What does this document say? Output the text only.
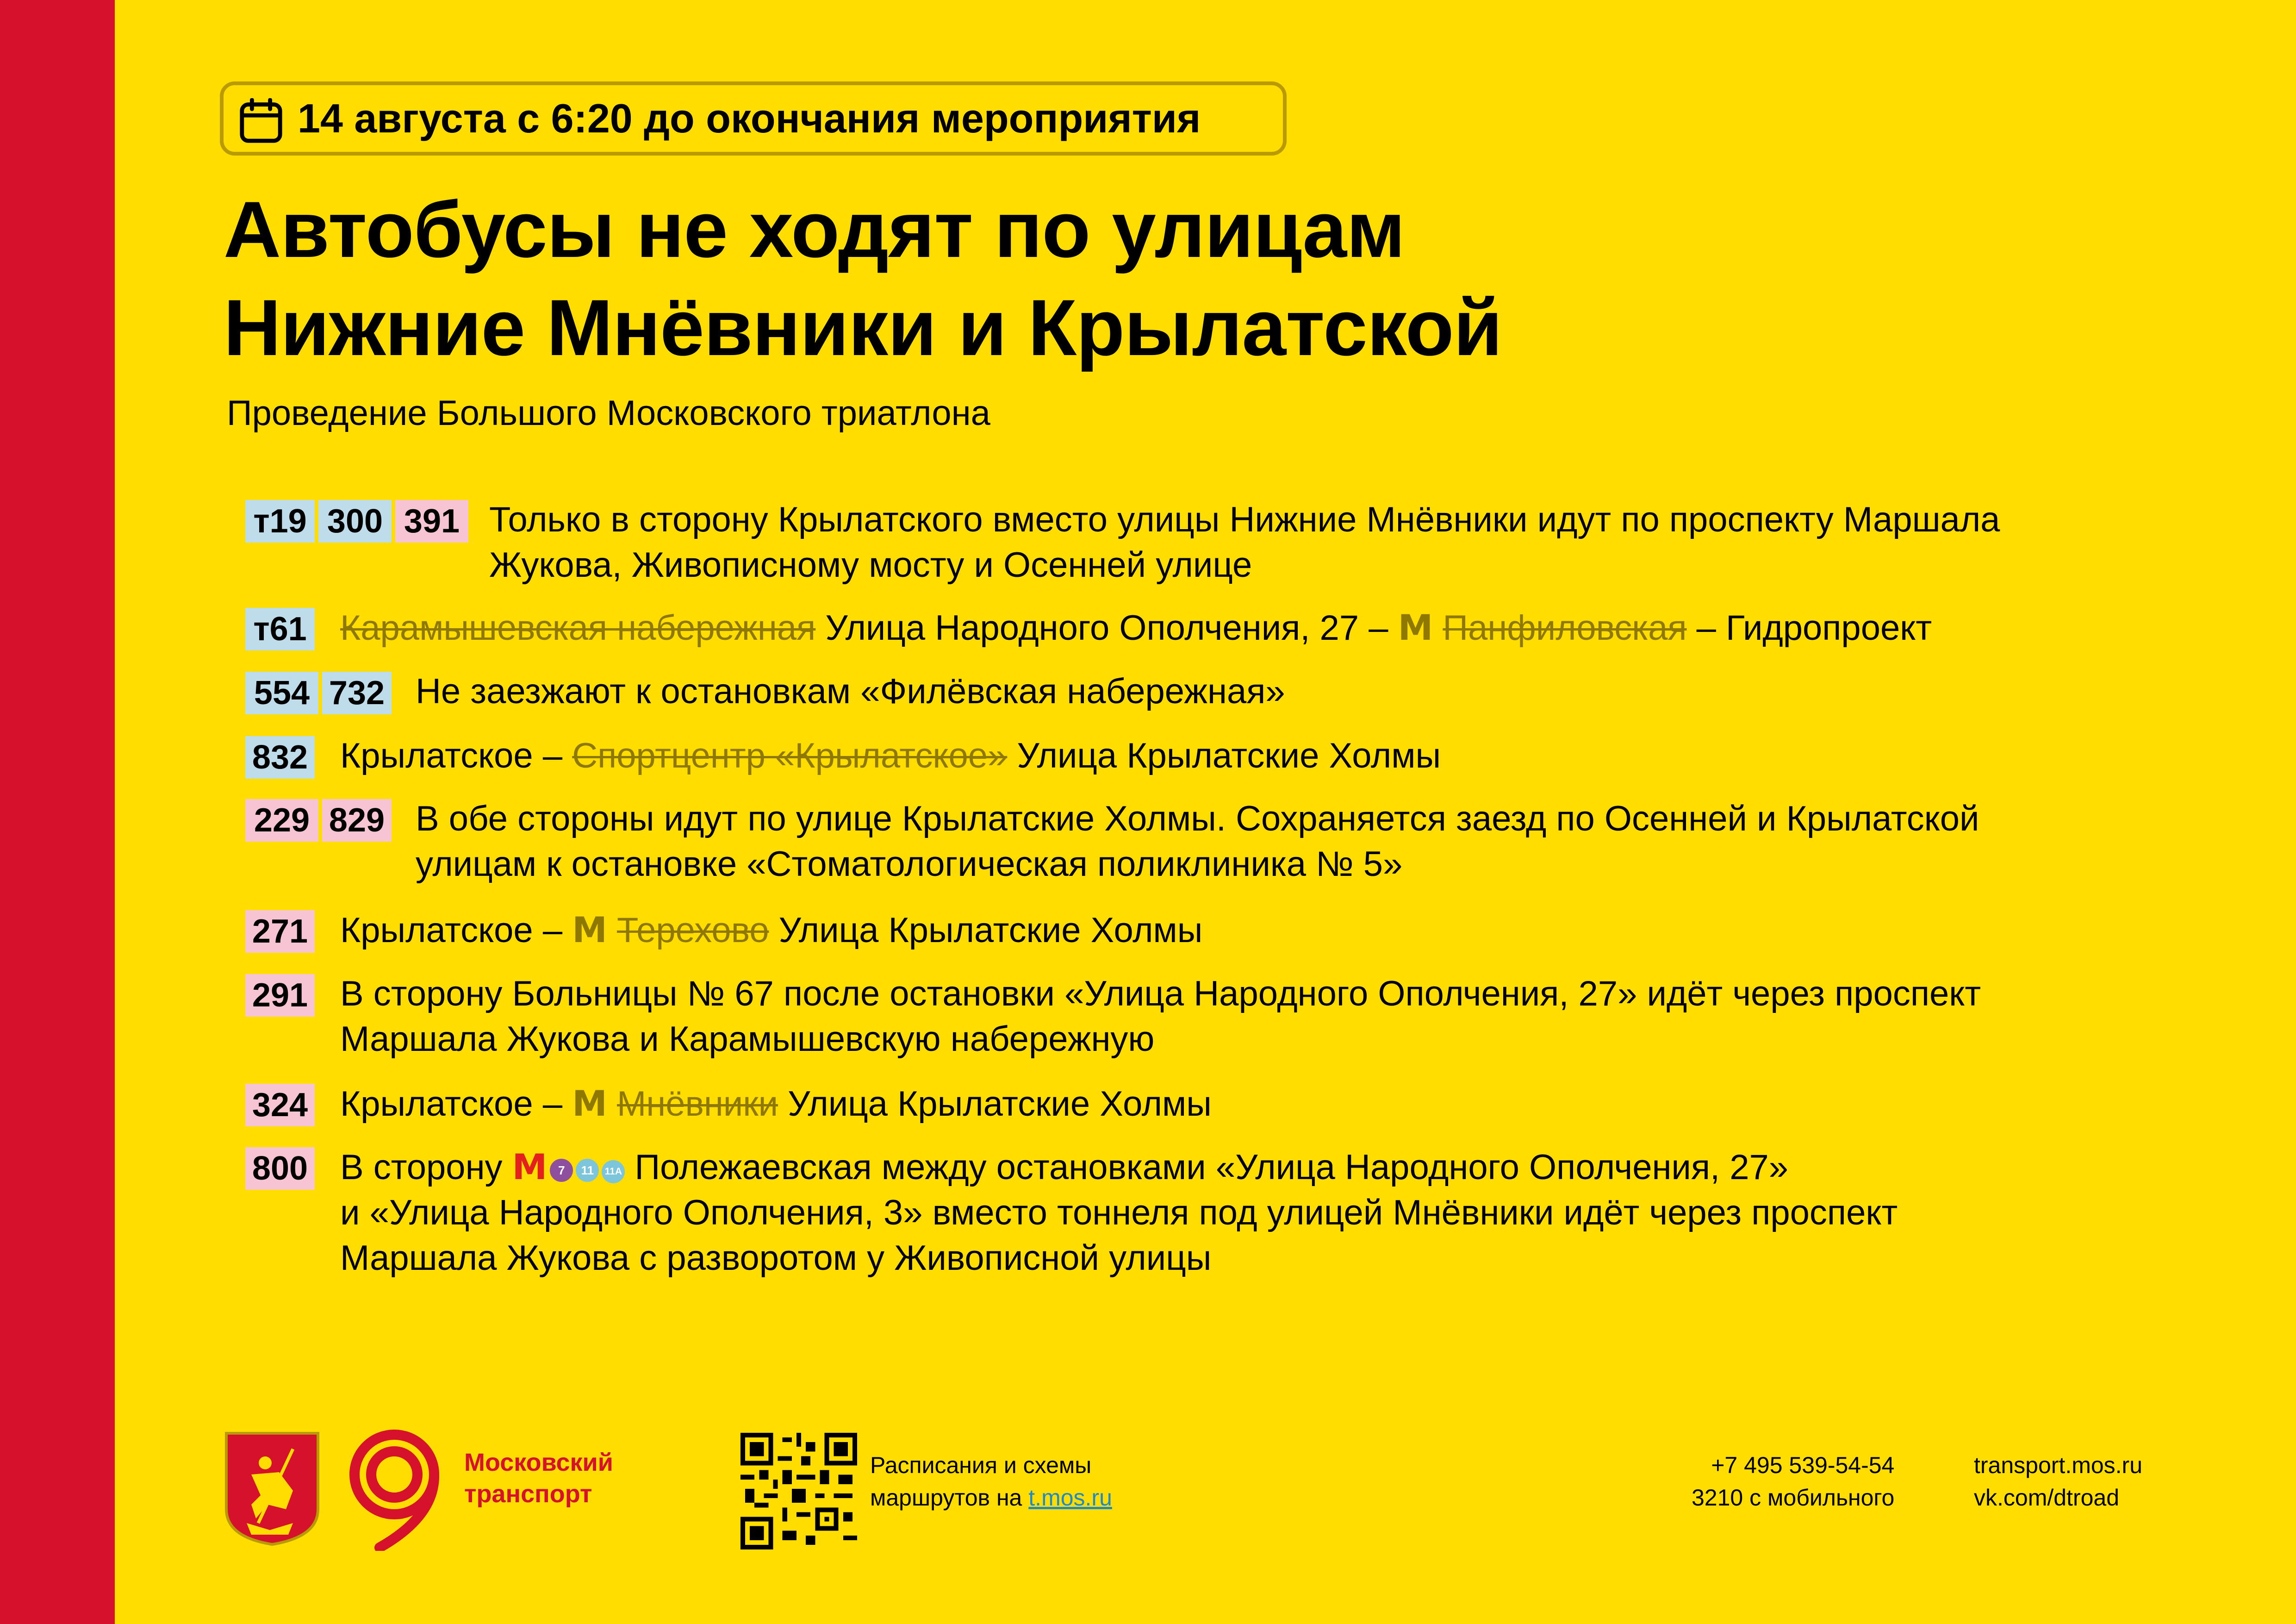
14 августа с 6:20 до окончания мероприятия
Автобусы не ходят по улицам
Нижние Мнёвники и Крылатской
Проведение Большого Московского триатлона
т19 300 391 Только в сторону Крылатского вместо улицы Нижние Мнёвники идут по проспекту Маршала
Жукова, Живописному мосту и Осенней улице
т61 Карамышевская набережная Улица Народного Ополчения, 27 – М Панфиловская – Гидропроект
554 732 Не заезжают к остановкам «Филёвская набережная»
832 Крылатское – Спортцентр «Крылатское» Улица Крылатские Холмы
229 829 В обе стороны идут по улице Крылатские Холмы. Сохраняется заезд по Осенней и Крылатской
улицам к остановке «Стоматологическая поликлиника № 5»
271 Крылатское – М Терехово Улица Крылатские Холмы
291 В сторону Больницы № 67 после остановки «Улица Народного Ополчения, 27» идёт через проспект
Маршала Жукова и Карамышевскую набережную
324 Крылатское – М Мнёвники Улица Крылатские Холмы
800 В сторону М 7 11 11А Полежаевская между остановками «Улица Народного Ополчения, 27»
и «Улица Народного Ополчения, 3» вместо тоннеля под улицей Мнёвники идёт через проспект
Маршала Жукова с разворотом у Живописной улицы
Московский
транспорт
Расписания и схемы
маршрутов на t.mos.ru
+7 495 539-54-54
3210 с мобильного
transport.mos.ru
vk.com/dtroad
